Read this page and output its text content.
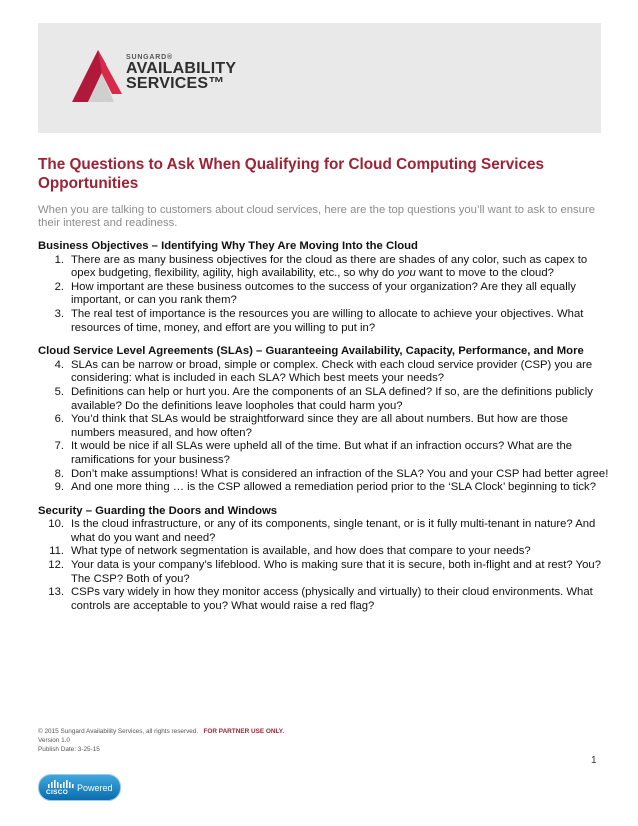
SUNGARD®
AVAILABILITY
SERVICES™
The Questions to Ask When Qualifying for Cloud Computing Services Opportunities

When you are talking to customers about cloud services, here are the top questions you’ll want to ask to ensure their interest and readiness.

Business Objectives – Identifying Why They Are Moving Into the Cloud
1. There are as many business objectives for the cloud as there are shades of any color, such as capex to opex budgeting, flexibility, agility, high availability, etc., so why do you want to move to the cloud?
2. How important are these business outcomes to the success of your organization? Are they all equally important, or can you rank them?
3. The real test of importance is the resources you are willing to allocate to achieve your objectives. What resources of time, money, and effort are you willing to put in?
Cloud Service Level Agreements (SLAs) – Guaranteeing Availability, Capacity, Performance, and More
4. SLAs can be narrow or broad, simple or complex. Check with each cloud service provider (CSP) you are considering: what is included in each SLA? Which best meets your needs?
5. Definitions can help or hurt you. Are the components of an SLA defined? If so, are the definitions publicly available? Do the definitions leave loopholes that could harm you?
6. You’d think that SLAs would be straightforward since they are all about numbers. But how are those numbers measured, and how often?
7. It would be nice if all SLAs were upheld all of the time. But what if an infraction occurs? What are the ramifications for your business?
8. Don’t make assumptions! What is considered an infraction of the SLA? You and your CSP had better agree!
9. And one more thing … is the CSP allowed a remediation period prior to the ‘SLA Clock’ beginning to tick?
Security – Guarding the Doors and Windows
10. Is the cloud infrastructure, or any of its components, single tenant, or is it fully multi-tenant in nature? And what do you want and need?
11. What type of network segmentation is available, and how does that compare to your needs?
12. Your data is your company’s lifeblood. Who is making sure that it is secure, both in-flight and at rest? You? The CSP? Both of you?
13. CSPs vary widely in how they monitor access (physically and virtually) to their cloud environments. What controls are acceptable to you? What would raise a red flag?
© 2015 Sungard Availability Services, all rights reserved. FOR PARTNER USE ONLY.
Version 1.0
Publish Date: 3-25-15
1
CISCO Powered
